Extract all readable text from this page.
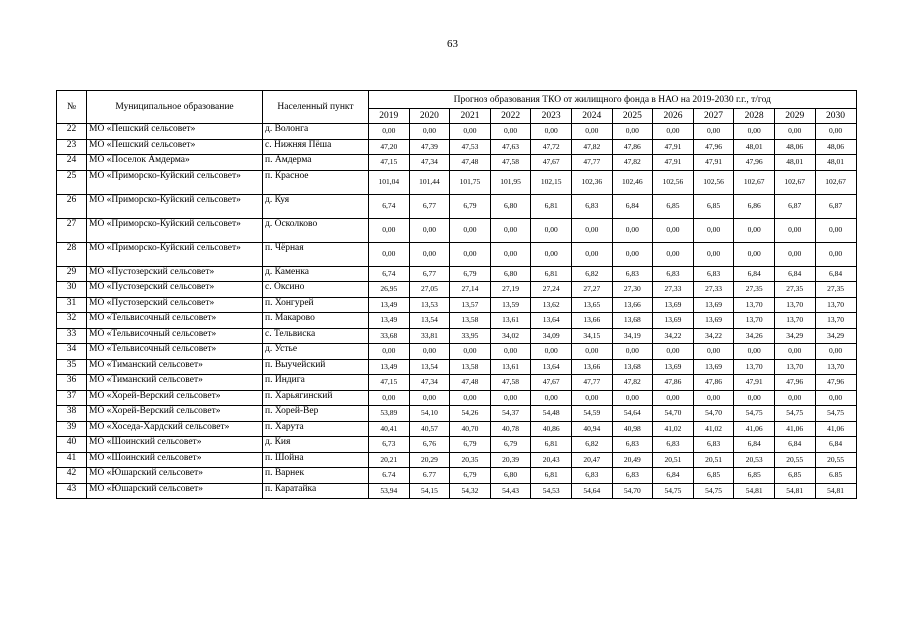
63
№	Муниципальное образование	Населенный пункт	Прогноз образования ТКО от жилищного фонда в НАО на 2019-2030 г.г., т/год											
			2019	2020	2021	2022	2023	2024	2025	2026	2027	2028	2029	2030
22	МО «Пешский сельсовет»	д. Волонга	0,00	0,00	0,00	0,00	0,00	0,00	0,00	0,00	0,00	0,00	0,00	0,00
23	МО «Пешский сельсовет»	с. Нижняя Пёша	47,20	47,39	47,53	47,63	47,72	47,82	47,86	47,91	47,96	48,01	48,06	48,06
24	МО «Поселок Амдерма»	п. Амдерма	47,15	47,34	47,48	47,58	47,67	47,77	47,82	47,91	47,91	47,96	48,01	48,01
25	МО «Приморско-Куйский сельсовет»	п. Красное	101,04	101,44	101,75	101,95	102,15	102,36	102,46	102,56	102,56	102,67	102,67	102,67
26	МО «Приморско-Куйский сельсовет»	д. Куя	6,74	6,77	6,79	6,80	6,81	6,83	6,84	6,85	6,85	6,86	6,87	6,87
27	МО «Приморско-Куйский сельсовет»	д. Осколково	0,00	0,00	0,00	0,00	0,00	0,00	0,00	0,00	0,00	0,00	0,00	0,00
28	МО «Приморско-Куйский сельсовет»	п. Чёрная	0,00	0,00	0,00	0,00	0,00	0,00	0,00	0,00	0,00	0,00	0,00	0,00
29	МО «Пустозерский сельсовет»	д. Каменка	6,74	6,77	6,79	6,80	6,81	6,82	6,83	6,83	6,83	6,84	6,84	6,84
30	МО «Пустозерский сельсовет»	с. Оксино	26,95	27,05	27,14	27,19	27,24	27,27	27,30	27,33	27,33	27,35	27,35	27,35
31	МО «Пустозерский сельсовет»	п. Хонгурей	13,49	13,53	13,57	13,59	13,62	13,65	13,66	13,69	13,69	13,70	13,70	13,70
32	МО «Тельвисочный сельсовет»	п. Макарово	13,49	13,54	13,58	13,61	13,64	13,66	13,68	13,69	13,69	13,70	13,70	13,70
33	МО «Тельвисочный сельсовет»	с. Тельвиска	33,68	33,81	33,95	34,02	34,09	34,15	34,19	34,22	34,22	34,26	34,29	34,29
34	МО «Тельвисочный сельсовет»	д. Устье	0,00	0,00	0,00	0,00	0,00	0,00	0,00	0,00	0,00	0,00	0,00	0,00
35	МО «Тиманский сельсовет»	п. Выучейский	13,49	13,54	13,58	13,61	13,64	13,66	13,68	13,69	13,69	13,70	13,70	13,70
36	МО «Тиманский сельсовет»	п. Индига	47,15	47,34	47,48	47,58	47,67	47,77	47,82	47,86	47,86	47,91	47,96	47,96
37	МО «Хорей-Верский сельсовет»	п. Харьягинский	0,00	0,00	0,00	0,00	0,00	0,00	0,00	0,00	0,00	0,00	0,00	0,00
38	МО «Хорей-Верский сельсовет»	п. Хорей-Вер	53,89	54,10	54,26	54,37	54,48	54,59	54,64	54,70	54,70	54,75	54,75	54,75
39	МО «Хоседа-Хардский сельсовет»	п. Харута	40,41	40,57	40,70	40,78	40,86	40,94	40,98	41,02	41,02	41,06	41,06	41,06
40	МО «Шоинский сельсовет»	д. Кия	6,73	6,76	6,79	6,79	6,81	6,82	6,83	6,83	6,83	6,84	6,84	6,84
41	МО «Шоинский сельсовет»	п. Шойна	20,21	20,29	20,35	20,39	20,43	20,47	20,49	20,51	20,51	20,53	20,55	20,55
42	МО «Юшарский сельсовет»	п. Варнек	6.74	6.77	6,79	6,80	6,81	6,83	6,83	6,84	6,85	6,85	6,85	6.85
43	МО «Юшарский сельсовет»	п. Каратайка	53,94	54,15	54,32	54,43	54,53	54,64	54,70	54,75	54,75	54,81	54,81	54,81
